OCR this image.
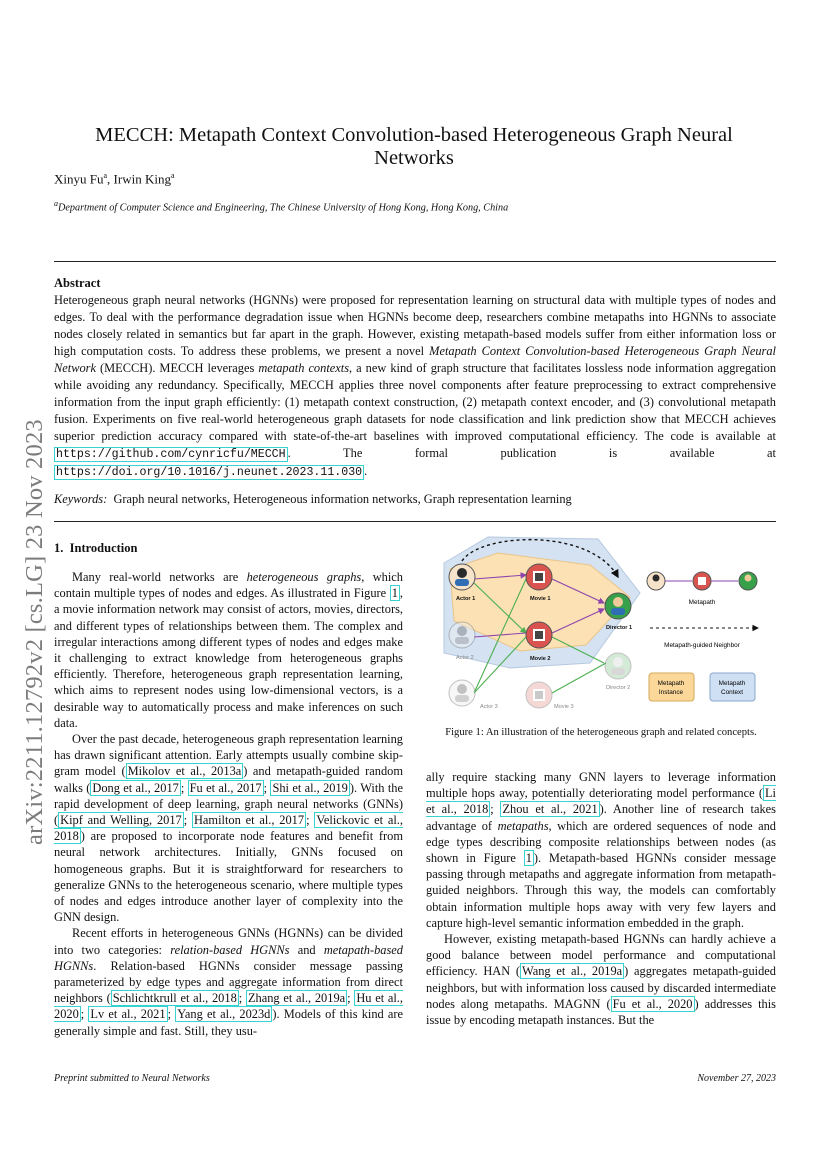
arXiv:2211.12792v2 [cs.LG] 23 Nov 2023
MECCH: Metapath Context Convolution-based Heterogeneous Graph Neural Networks
Xinyu Fu$^a$, Irwin King$^a$
$^a$Department of Computer Science and Engineering, The Chinese University of Hong Kong, Hong Kong, China
Abstract
Heterogeneous graph neural networks (HGNNs) were proposed for representation learning on structural data with multiple types of nodes and edges. To deal with the performance degradation issue when HGNNs become deep, researchers combine metapaths into HGNNs to associate nodes closely related in semantics but far apart in the graph. However, existing metapath-based models suffer from either information loss or high computation costs. To address these problems, we present a novel Metapath Context Convolution-based Heterogeneous Graph Neural Network (MECCH). MECCH leverages metapath contexts, a new kind of graph structure that facilitates lossless node information aggregation while avoiding any redundancy. Specifically, MECCH applies three novel components after feature preprocessing to extract comprehensive information from the input graph efficiently: (1) metapath context construction, (2) metapath context encoder, and (3) convolutional metapath fusion. Experiments on five real-world heterogeneous graph datasets for node classification and link prediction show that MECCH achieves superior prediction accuracy compared with state-of-the-art baselines with improved computational efficiency. The code is available at https://github.com/cynricfu/MECCH . The formal publication is available at https://doi.org/10.1016/j.neunet.2023.11.030 .
Keywords: Graph neural networks, Heterogeneous information networks, Graph representation learning
1. Introduction

Many real-world networks are heterogeneous graphs, which contain multiple types of nodes and edges. As illustrated in Figure 1 , a movie information network may consist of actors, movies, directors, and different types of relationships between them. The complex and irregular interactions among different types of nodes and edges make it challenging to extract knowledge from heterogeneous graphs efficiently. Therefore, heterogeneous graph representation learning, which aims to represent nodes using low-dimensional vectors, is a desirable way to automatically process and make inferences on such data.

Over the past decade, heterogeneous graph representation learning has drawn significant attention. Early attempts usually combine skip-gram model ( Mikolov et al., 2013a ) and metapath-guided random walks ( Dong et al., 2017 ; Fu et al., 2017 ; Shi et al., 2019 ). With the rapid development of deep learning, graph neural networks (GNNs) ( Kipf and Welling, 2017 ; Hamilton et al., 2017 ; Velickovic et al., 2018 ) are proposed to incorporate node features and benefit from neural network architectures. Initially, GNNs focused on homogeneous graphs. But it is straightforward for researchers to generalize GNNs to the heterogeneous scenario, where multiple types of nodes and edges introduce another layer of complexity into the GNN design.

Recent efforts in heterogeneous GNNs (HGNNs) can be divided into two categories: relation-based HGNNs and metapath-based HGNNs. Relation-based HGNNs consider message passing parameterized by edge types and aggregate information from direct neighbors ( Schlichtkrull et al., 2018 ; Zhang et al., 2019a ; Hu et al., 2020 ; Lv et al., 2021 ; Yang et al., 2023d ). Models of this kind are generally simple and fast. Still, they usu-

Actor 1	Movie 1
Movie 2
Director 1
Actor 2
Actor 3	Movie 3
Director 2
Metapath
Metapath-guided Neighbor
Metapath
Instance
Metapath
Context
Figure 1: An illustration of the heterogeneous graph and related concepts.

ally require stacking many GNN layers to leverage information multiple hops away, potentially deteriorating model performance ( Li et al., 2018 ; Zhou et al., 2021 ). Another line of research takes advantage of metapaths, which are ordered sequences of node and edge types describing composite relationships between nodes (as shown in Figure 1 ). Metapath-based HGNNs consider message passing through metapaths and aggregate information from metapath-guided neighbors. Through this way, the models can comfortably obtain information multiple hops away with very few layers and capture high-level semantic information embedded in the graph.

However, existing metapath-based HGNNs can hardly achieve a good balance between model performance and computational efficiency. HAN ( Wang et al., 2019a ) aggregates metapath-guided neighbors, but with information loss caused by discarded intermediate nodes along metapaths. MAGNN ( Fu et al., 2020 ) addresses this issue by encoding metapath instances. But the

Preprint submitted to Neural Networks	November 27, 2023
